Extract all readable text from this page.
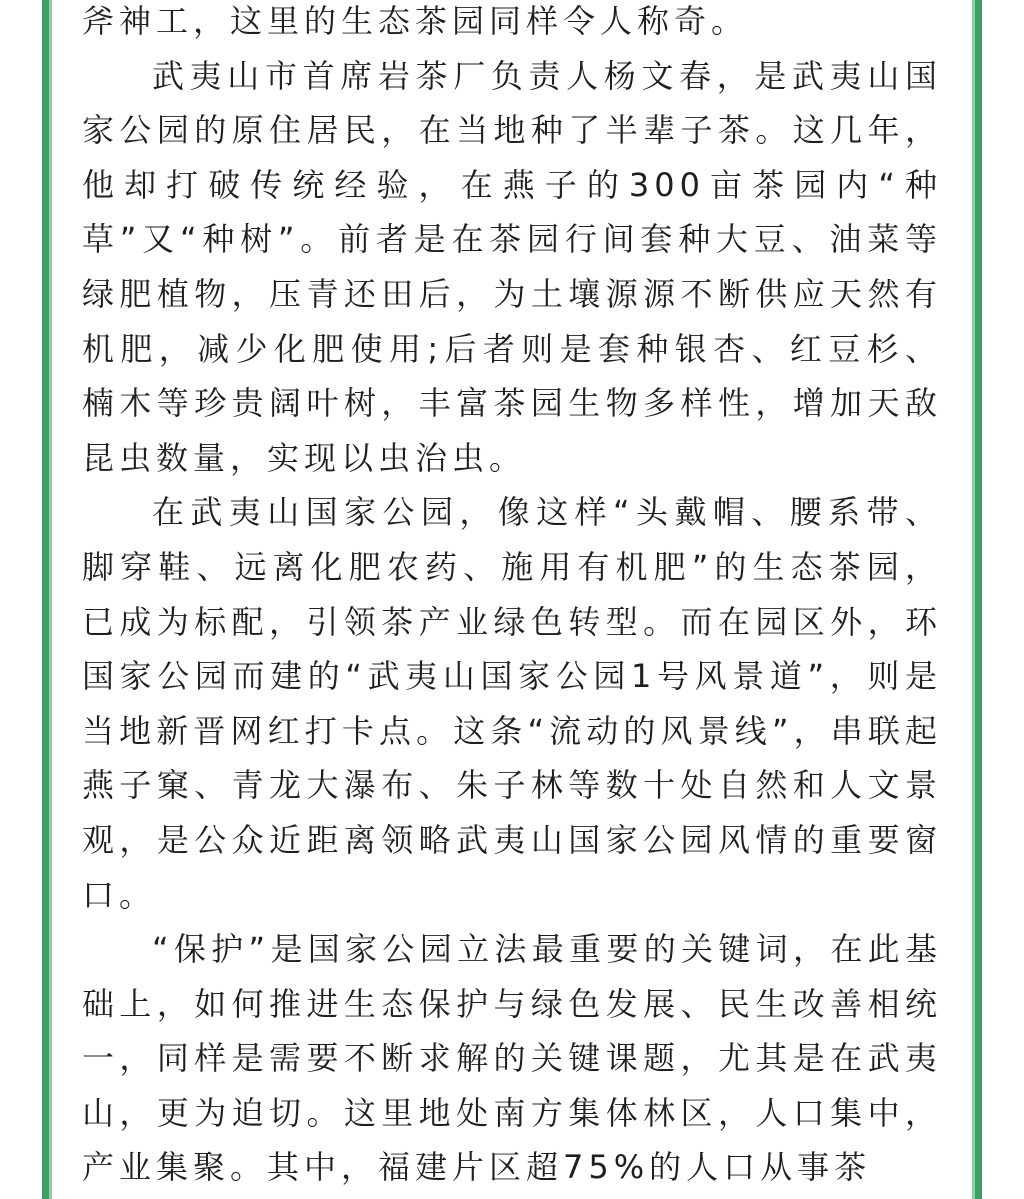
斧神工，这里的生态茶园同样令人称奇。

武夷山市首席岩茶厂负责人杨文春，是武夷山国家公园的原住居民，在当地种了半辈子茶。这几年，他却打破传统经验，在燕子的300亩茶园内“种草”又“种树”。前者是在茶园行间套种大豆、油菜等绿肥植物，压青还田后，为土壤源源不断供应天然有机肥，减少化肥使用;后者则是套种银杏、红豆杉、楠木等珍贵阔叶树，丰富茶园生物多样性，增加天敌昆虫数量，实现以虫治虫。

在武夷山国家公园，像这样“头戴帽、腰系带、脚穿鞋、远离化肥农药、施用有机肥”的生态茶园，已成为标配，引领茶产业绿色转型。而在园区外，环国家公园而建的“武夷山国家公园1号风景道”，则是当地新晋网红打卡点。这条“流动的风景线”，串联起燕子窠、青龙大瀑布、朱子林等数十处自然和人文景观，是公众近距离领略武夷山国家公园风情的重要窗口。

“保护”是国家公园立法最重要的关键词，在此基础上，如何推进生态保护与绿色发展、民生改善相统一，同样是需要不断求解的关键课题，尤其是在武夷山，更为迫切。这里地处南方集体林区，人口集中，产业集聚。其中，福建片区超75%的人口从事茶
